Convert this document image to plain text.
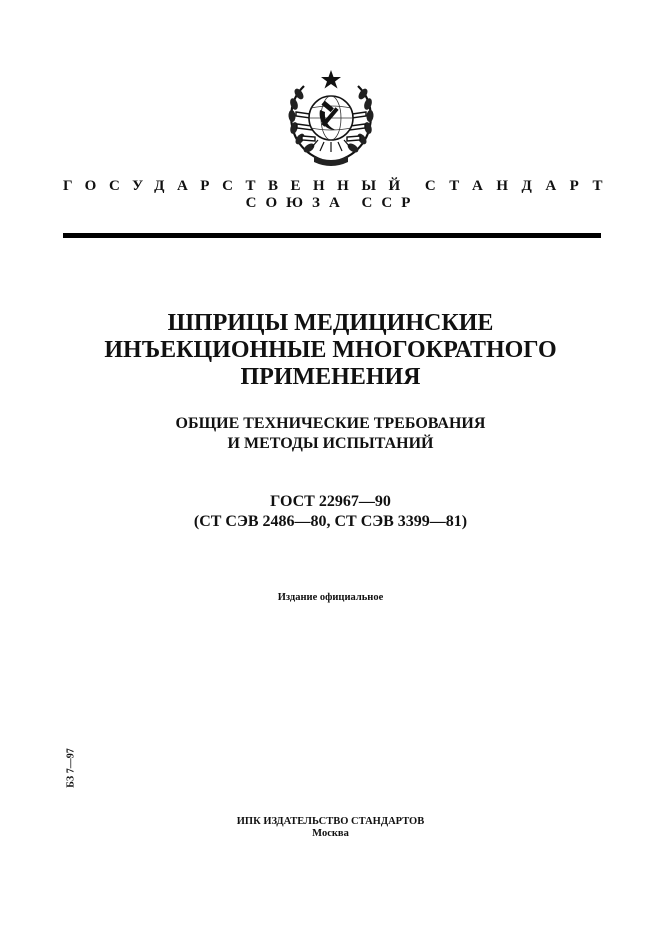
ГОСУДАРСТВЕННЫЙ СТАНДАРТ
СОЮЗА ССР
ШПРИЦЫ МЕДИЦИНСКИЕ
ИНЪЕКЦИОННЫЕ МНОГОКРАТНОГО
ПРИМЕНЕНИЯ
ОБЩИЕ ТЕХНИЧЕСКИЕ ТРЕБОВАНИЯ
И МЕТОДЫ ИСПЫТАНИЙ
ГОСТ 22967—90
(СТ СЭВ 2486—80, СТ СЭВ 3399—81)
Издание официальное
БЗ 7—97
ИПК ИЗДАТЕЛЬСТВО СТАНДАРТОВ
Москва
